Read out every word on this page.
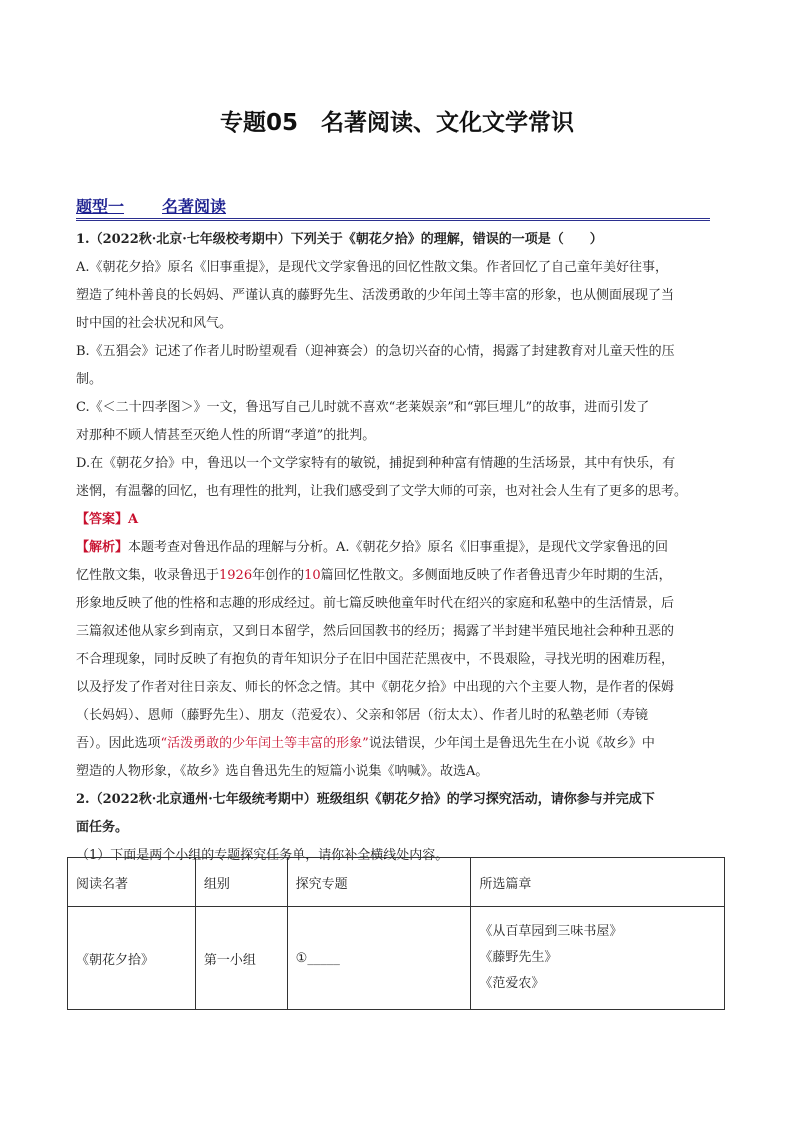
专题05　名著阅读、文化文学常识
题型一 名著阅读
1.（2022秋·北京·七年级校考期中）下列关于《朝花夕拾》的理解，错误的一项是（　　）
A.《朝花夕拾》原名《旧事重提》，是现代文学家鲁迅的回忆性散文集。作者回忆了自己童年美好往事，
塑造了纯朴善良的长妈妈、严谨认真的藤野先生、活泼勇敢的少年闰土等丰富的形象，也从侧面展现了当
时中国的社会状况和风气。
B.《五猖会》记述了作者儿时盼望观看（迎神赛会）的急切兴奋的心情，揭露了封建教育对儿童天性的压
制。
C.《＜二十四孝图＞》一文，鲁迅写自己儿时就不喜欢“老莱娱亲”和“郭巨埋儿”的故事，进而引发了
对那种不顾人情甚至灭绝人性的所谓“孝道”的批判。
D.在《朝花夕拾》中，鲁迅以一个文学家特有的敏锐，捕捉到种种富有情趣的生活场景，其中有快乐，有
迷惘，有温馨的回忆，也有理性的批判，让我们感受到了文学大师的可亲，也对社会人生有了更多的思考。
【答案】A
【解析】本题考查对鲁迅作品的理解与分析。A.《朝花夕拾》原名《旧事重提》，是现代文学家鲁迅的回
忆性散文集，收录鲁迅于1926年创作的10篇回忆性散文。多侧面地反映了作者鲁迅青少年时期的生活，
形象地反映了他的性格和志趣的形成经过。前七篇反映他童年时代在绍兴的家庭和私塾中的生活情景，后
三篇叙述他从家乡到南京，又到日本留学，然后回国教书的经历；揭露了半封建半殖民地社会种种丑恶的
不合理现象，同时反映了有抱负的青年知识分子在旧中国茫茫黑夜中，不畏艰险，寻找光明的困难历程，
以及抒发了作者对往日亲友、师长的怀念之情。其中《朝花夕拾》中出现的六个主要人物，是作者的保姆
（长妈妈）、恩师（藤野先生）、朋友（范爱农）、父亲和邻居（衍太太）、作者儿时的私塾老师（寿镜
吾）。因此选项“活泼勇敢的少年闰土等丰富的形象”说法错误，少年闰土是鲁迅先生在小说《故乡》中
塑造的人物形象，《故乡》选自鲁迅先生的短篇小说集《呐喊》。故选A。
2.（2022秋·北京通州·七年级统考期中）班级组织《朝花夕拾》的学习探究活动，请你参与并完成下
面任务。
（1）下面是两个小组的专题探究任务单，请你补全横线处内容。
阅读名著	组别	探究专题	所选篇章
《朝花夕拾》	第一小组	①_____	《从百草园到三味书屋》
《藤野先生》
《范爱农》
